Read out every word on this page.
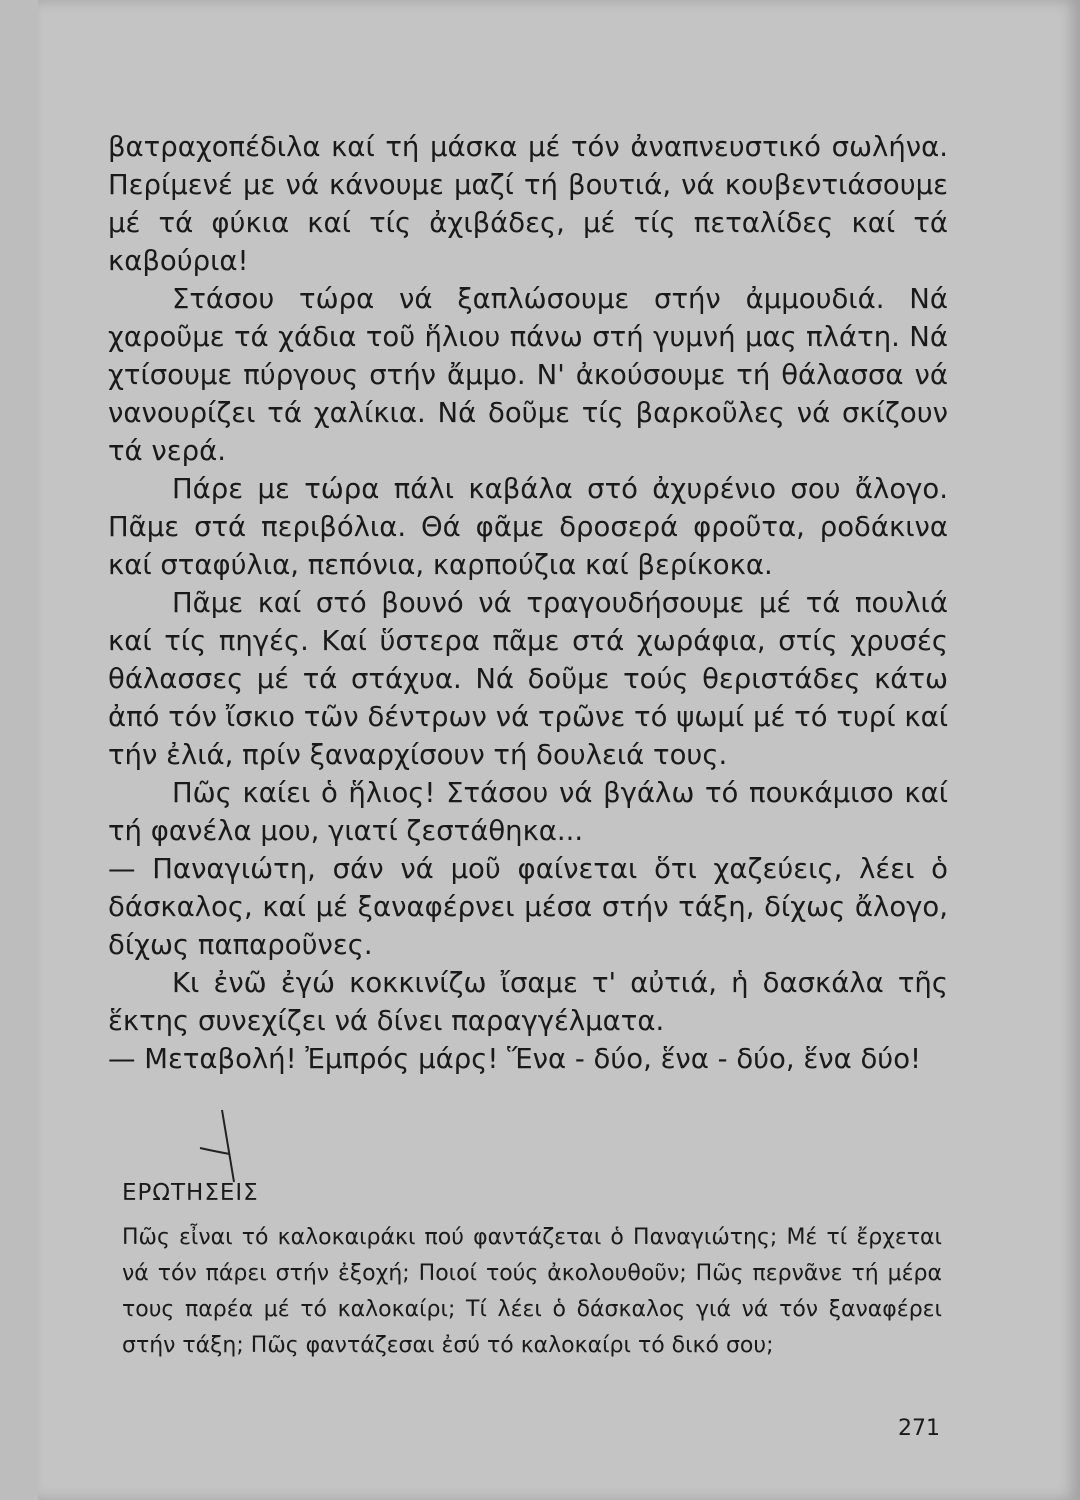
βατραχοπέδιλα καί τή μάσκα μέ τόν ἀναπνευστικό σωλήνα. Περίμενέ με νά κάνουμε μαζί τή βουτιά, νά κουβεντιάσουμε μέ τά φύκια καί τίς ἀχιβάδες, μέ τίς πεταλίδες καί τά καβούρια!

Στάσου τώρα νά ξαπλώσουμε στήν ἀμμουδιά. Νά χαροῦμε τά χάδια τοῦ ἥλιου πάνω στή γυμνή μας πλάτη. Νά χτίσουμε πύργους στήν ἄμμο. Ν' ἀκούσουμε τή θάλασσα νά νανουρίζει τά χαλίκια. Νά δοῦμε τίς βαρκοῦλες νά σκίζουν τά νερά.

Πάρε με τώρα πάλι καβάλα στό ἀχυρένιο σου ἄλογο. Πᾶμε στά περιβόλια. Θά φᾶμε δροσερά φροῦτα, ροδάκινα καί σταφύλια, πεπόνια, καρπούζια καί βερίκοκα.

Πᾶμε καί στό βουνό νά τραγουδήσουμε μέ τά πουλιά καί τίς πηγές. Καί ὕστερα πᾶμε στά χωράφια, στίς χρυσές θάλασσες μέ τά στάχυα. Νά δοῦμε τούς θεριστάδες κάτω ἀπό τόν ἴσκιο τῶν δέντρων νά τρῶνε τό ψωμί μέ τό τυρί καί τήν ἐλιά, πρίν ξαναρχίσουν τή δουλειά τους.

Πῶς καίει ὁ ἥλιος! Στάσου νά βγάλω τό πουκάμισο καί τή φανέλα μου, γιατί ζεστάθηκα...

— Παναγιώτη, σάν νά μοῦ φαίνεται ὅτι χαζεύεις, λέει ὁ δάσκαλος, καί μέ ξαναφέρνει μέσα στήν τάξη, δίχως ἄλογο, δίχως παπαροῦνες.

Κι ἐνῶ ἐγώ κοκκινίζω ἴσαμε τ' αὐτιά, ἡ δασκάλα τῆς ἕκτης συνεχίζει νά δίνει παραγγέλματα.

— Μεταβολή! Ἐμπρός μάρς! Ἕνα - δύο, ἕνα - δύο, ἕνα δύο!

ΕΡΩΤΗΣΕΙΣ
Πῶς εἶναι τό καλοκαιράκι πού φαντάζεται ὁ Παναγιώτης; Μέ τί ἔρχεται νά τόν πάρει στήν ἐξοχή; Ποιοί τούς ἀκολουθοῦν; Πῶς περνᾶνε τή μέρα τους παρέα μέ τό καλοκαίρι; Τί λέει ὁ δάσκαλος γιά νά τόν ξαναφέρει στήν τάξη; Πῶς φαντάζεσαι ἐσύ τό καλοκαίρι τό δικό σου;
271
